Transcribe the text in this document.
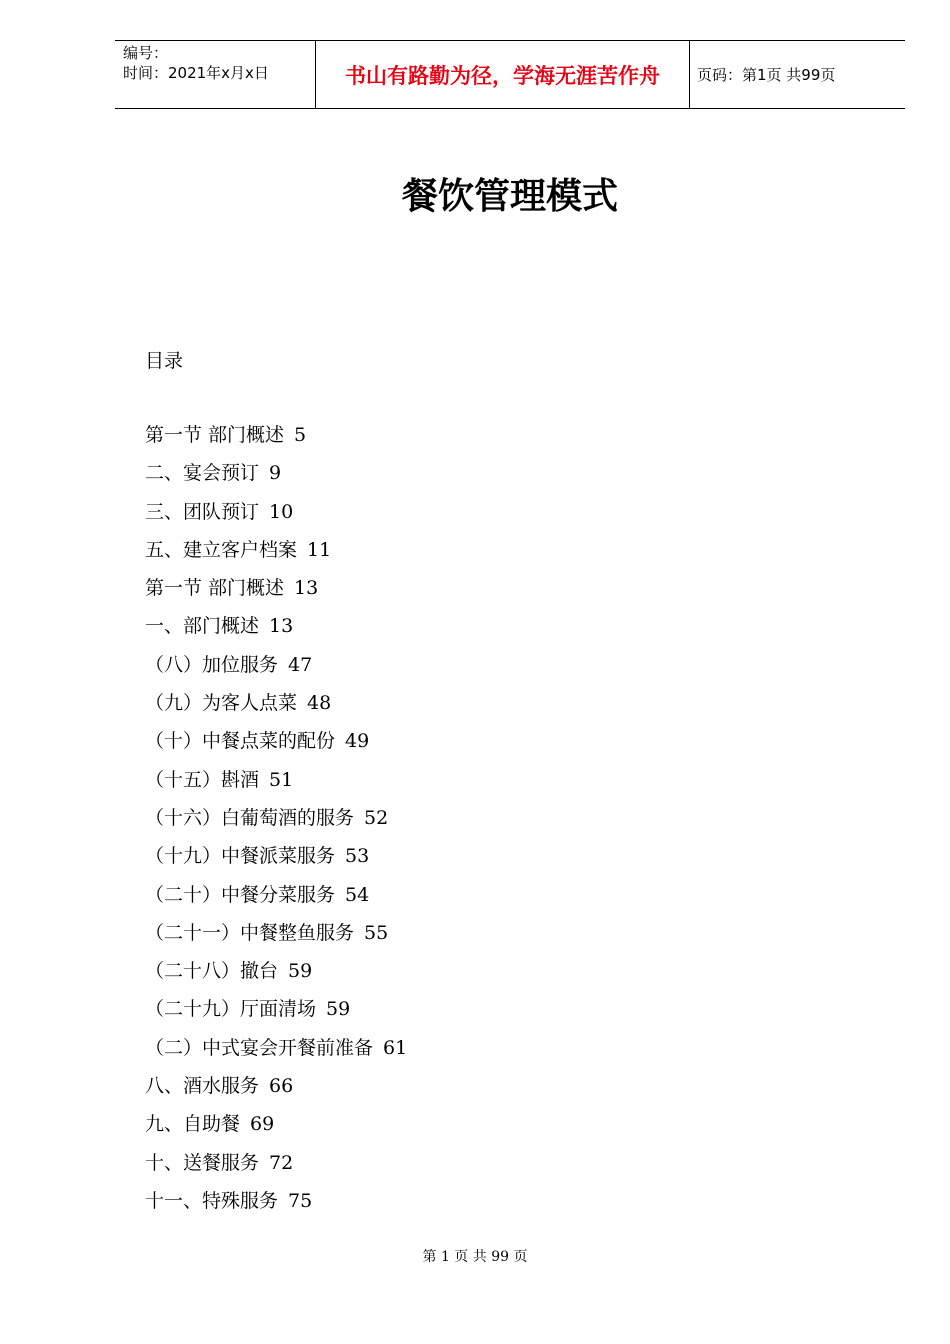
编号：
时间：2021年x月x日	书山有路勤为径，学海无涯苦作舟	页码：第1页 共99页
餐饮管理模式
目录
第一节 部门概述 5
二、宴会预订 9
三、团队预订 10
五、建立客户档案 11
第一节 部门概述 13
一、部门概述 13
（八）加位服务 47
（九）为客人点菜 48
（十）中餐点菜的配份 49
（十五）斟酒 51
（十六）白葡萄酒的服务 52
（十九）中餐派菜服务 53
（二十）中餐分菜服务 54
（二十一）中餐整鱼服务 55
（二十八）撤台 59
（二十九）厅面清场 59
（二）中式宴会开餐前准备 61
八、酒水服务 66
九、自助餐 69
十、送餐服务 72
十一、特殊服务 75
第 1 页 共 99 页
